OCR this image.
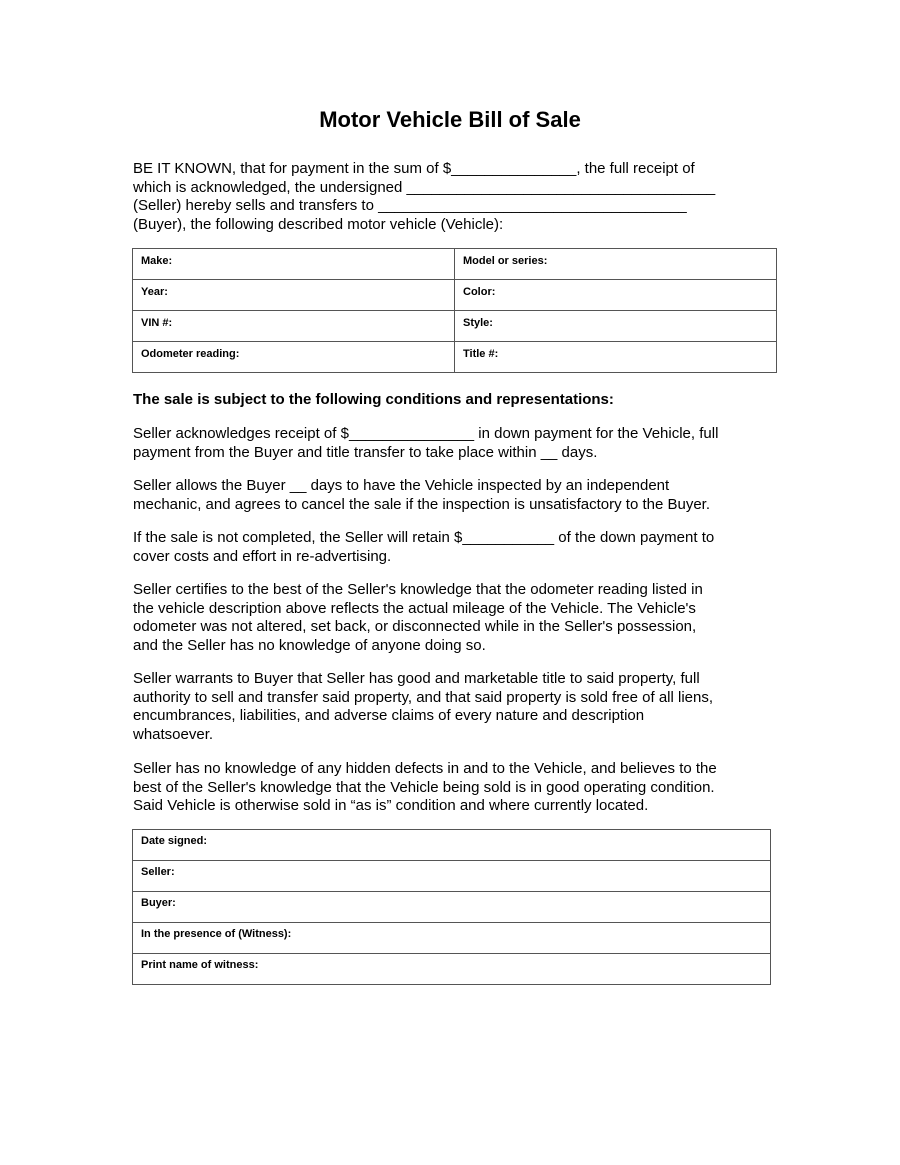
Motor Vehicle Bill of Sale
BE IT KNOWN, that for payment in the sum of $_______________, the full receipt of
which is acknowledged, the undersigned _____________________________________
(Seller) hereby sells and transfers to _____________________________________
(Buyer), the following described motor vehicle (Vehicle):
Make:	Model or series:
Year:	Color:
VIN #:	Style:
Odometer reading:	Title #:
The sale is subject to the following conditions and representations:
Seller acknowledges receipt of $_______________ in down payment for the Vehicle, full
payment from the Buyer and title transfer to take place within __ days.
Seller allows the Buyer __ days to have the Vehicle inspected by an independent
mechanic, and agrees to cancel the sale if the inspection is unsatisfactory to the Buyer.
If the sale is not completed, the Seller will retain $___________ of the down payment to
cover costs and effort in re-advertising.
Seller certifies to the best of the Seller's knowledge that the odometer reading listed in
the vehicle description above reflects the actual mileage of the Vehicle. The Vehicle's
odometer was not altered, set back, or disconnected while in the Seller's possession,
and the Seller has no knowledge of anyone doing so.
Seller warrants to Buyer that Seller has good and marketable title to said property, full
authority to sell and transfer said property, and that said property is sold free of all liens,
encumbrances, liabilities, and adverse claims of every nature and description
whatsoever.
Seller has no knowledge of any hidden defects in and to the Vehicle, and believes to the
best of the Seller's knowledge that the Vehicle being sold is in good operating condition.
Said Vehicle is otherwise sold in “as is” condition and where currently located.
Date signed:
Seller:
Buyer:
In the presence of (Witness):
Print name of witness:
